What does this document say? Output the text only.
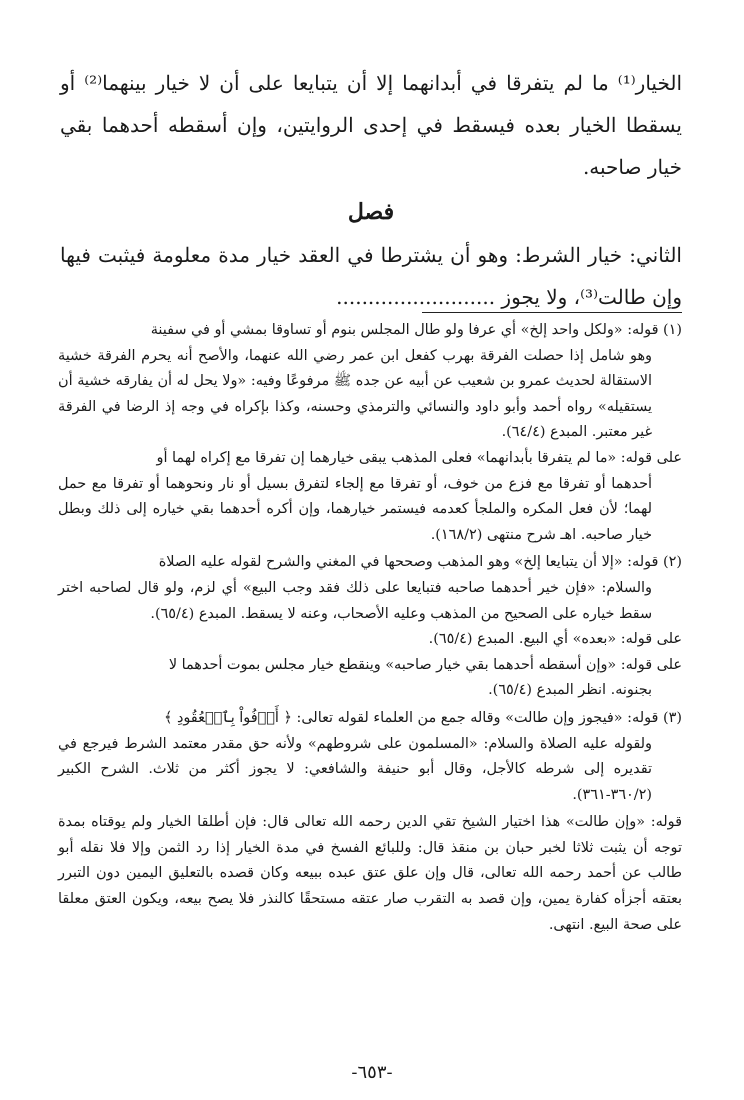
الخيار⁽¹⁾ ما لم يتفرقا في أبدانهما إلا أن يتبايعا على أن لا خيار بينهما⁽²⁾ أو يسقطا الخيار بعده فيسقط في إحدى الروايتين، وإن أسقطه أحدهما بقي خيار صاحبه.

فصل

الثاني: خيار الشرط: وهو أن يشترطا في العقد خيار مدة معلومة فيثبت فيها وإن طالت⁽³⁾، ولا يجوز .........................

(١) قوله: «ولكل واحد إلخ» أي عرفا ولو طال المجلس بنوم أو تساوقا بمشي أو في سفينة

وهو شامل إذا حصلت الفرقة بهرب كفعل ابن عمر رضي الله عنهما، والأصح أنه يحرم الفرقة خشية الاستقالة لحديث عمرو بن شعيب عن أبيه عن جده ﷺ مرفوعًا وفيه: «ولا يحل له أن يفارقه خشية أن يستقيله» رواه أحمد وأبو داود والنسائي والترمذي وحسنه، وكذا بإكراه في وجه إذ الرضا في الفرقة غير معتبر. المبدع (٦٤/٤).

على قوله: «ما لم يتفرقا بأبدانهما» فعلى المذهب يبقى خيارهما إن تفرقا مع إكراه لهما أو

أحدهما أو تفرقا مع فزع من خوف، أو تفرقا مع إلجاء لتفرق بسيل أو نار ونحوهما أو تفرقا مع حمل لهما؛ لأن فعل المكره والملجأ كعدمه فيستمر خيارهما، وإن أكره أحدهما بقي خياره إلى ذلك وبطل خيار صاحبه. اهـ شرح منتهى (١٦٨/٢).

(٢) قوله: «إلا أن يتبايعا إلخ» وهو المذهب وصححها في المغني والشرح لقوله عليه الصلاة

والسلام: «فإن خير أحدهما صاحبه فتبايعا على ذلك فقد وجب البيع» أي لزم، ولو قال لصاحبه اختر سقط خياره على الصحيح من المذهب وعليه الأصحاب، وعنه لا يسقط. المبدع (٦٥/٤).

على قوله: «بعده» أي البيع. المبدع (٦٥/٤).

على قوله: «وإن أسقطه أحدهما بقي خيار صاحبه» وينقطع خيار مجلس بموت أحدهما لا

بجنونه. انظر المبدع (٦٥/٤).

(٣) قوله: «فيجوز وإن طالت» وقاله جمع من العلماء لقوله تعالى: ﴿ أَوۡفُواْ بِٱلۡعُقُودِ ﴾

ولقوله عليه الصلاة والسلام: «المسلمون على شروطهم» ولأنه حق مقدر معتمد الشرط فيرجع في تقديره إلى شرطه كالأجل، وقال أبو حنيفة والشافعي: لا يجوز أكثر من ثلاث. الشرح الكبير (٣٦٠/٢-٣٦١).

قوله: «وإن طالت» هذا اختيار الشيخ تقي الدين رحمه الله تعالى قال: فإن أطلقا الخيار ولم يوقتاه بمدة توجه أن يثبت ثلاثا لخبر حبان بن منقذ قال: وللبائع الفسخ في مدة الخيار إذا رد الثمن وإلا فلا نقله أبو طالب عن أحمد رحمه الله تعالى، قال وإن علق عتق عبده ببيعه وكان قصده بالتعليق اليمين دون التبرر بعتقه أجزأه كفارة يمين، وإن قصد به التقرب صار عتقه مستحقًا كالنذر فلا يصح بيعه، ويكون العتق معلقا على صحة البيع. انتهى.

-٦٥٣-
